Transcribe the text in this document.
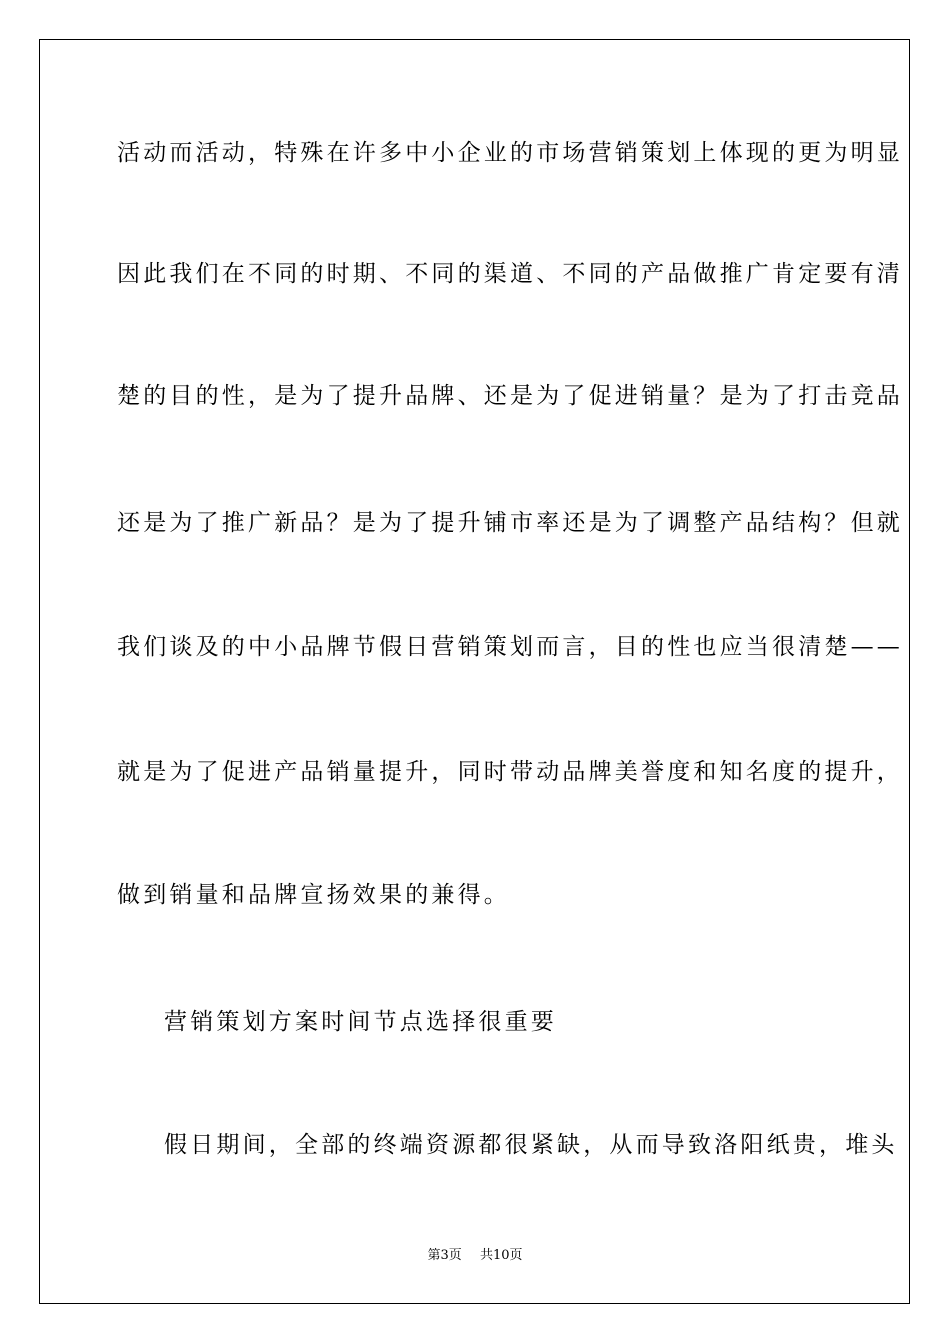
活动而活动，特殊在许多中小企业的市场营销策划上体现的更为明显
因此我们在不同的时期、不同的渠道、不同的产品做推广肯定要有清
楚的目的性，是为了提升品牌、还是为了促进销量？是为了打击竞品
还是为了推广新品？是为了提升铺市率还是为了调整产品结构？但就
我们谈及的中小品牌节假日营销策划而言，目的性也应当很清楚——
就是为了促进产品销量提升，同时带动品牌美誉度和知名度的提升，
做到销量和品牌宣扬效果的兼得。
营销策划方案时间节点选择很重要
假日期间，全部的终端资源都很紧缺，从而导致洛阳纸贵，堆头
第3页 共10页
